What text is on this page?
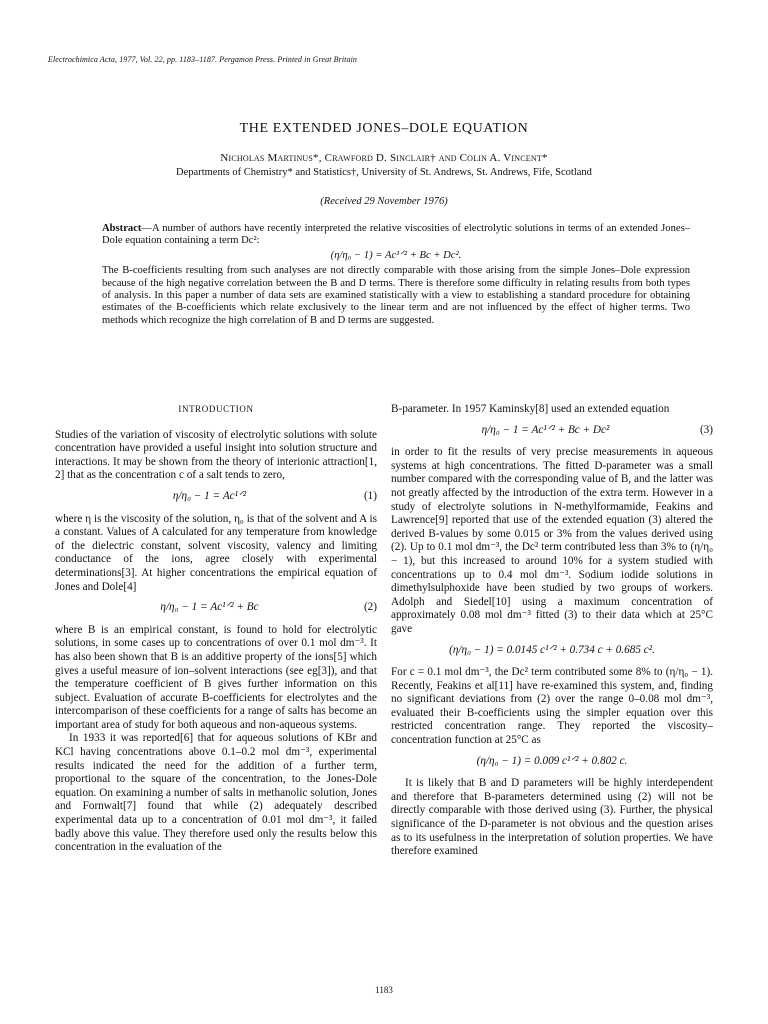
Electrochimica Acta, 1977, Vol. 22, pp. 1183–1187. Pergamon Press. Printed in Great Britain
THE EXTENDED JONES–DOLE EQUATION
Nicholas Martinus*, Crawford D. Sinclair† and Colin A. Vincent*
Departments of Chemistry* and Statistics†, University of St. Andrews, St. Andrews, Fife, Scotland
(Received 29 November 1976)

Abstract—A number of authors have recently interpreted the relative viscosities of electrolytic solutions in terms of an extended Jones–Dole equation containing a term Dc²:

(η/η₀ − 1) = Ac¹ᐟ² + Bc + Dc².

The B-coefficients resulting from such analyses are not directly comparable with those arising from the simple Jones–Dole expression because of the high negative correlation between the B and D terms. There is therefore some difficulty in relating results from both types of analysis. In this paper a number of data sets are examined statistically with a view to establishing a standard procedure for obtaining estimates of the B-coefficients which relate exclusively to the linear term and are not influenced by the effect of higher terms. Two methods which recognize the high correlation of B and D terms are suggested.

INTRODUCTION

Studies of the variation of viscosity of electrolytic solutions with solute concentration have provided a useful insight into solution structure and interactions. It may be shown from the theory of interionic attraction[1, 2] that as the concentration c of a salt tends to zero,

η/η₀ − 1 = Ac¹ᐟ²	(1)

where η is the viscosity of the solution, η₀ is that of the solvent and A is a constant. Values of A calculated for any temperature from knowledge of the dielectric constant, solvent viscosity, valency and limiting conductance of the ions, agree closely with experimental determinations[3]. At higher concentrations the empirical equation of Jones and Dole[4]

η/η₀ − 1 = Ac¹ᐟ² + Bc	(2)

where B is an empirical constant, is found to hold for electrolytic solutions, in some cases up to concentrations of over 0.1 mol dm⁻³. It has also been shown that B is an additive property of the ions[5] which gives a useful measure of ion–solvent interactions (see eg[3]), and that the temperature coefficient of B gives further information on this subject. Evaluation of accurate B-coefficients for electrolytes and the intercomparison of these coefficients for a range of salts has become an important area of study for both aqueous and non-aqueous systems.

In 1933 it was reported[6] that for aqueous solutions of KBr and KCl having concentrations above 0.1–0.2 mol dm⁻³, experimental results indicated the need for the addition of a further term, proportional to the square of the concentration, to the Jones-Dole equation. On examining a number of salts in methanolic solution, Jones and Fornwalt[7] found that while (2) adequately described experimental data up to a concentration of 0.01 mol dm⁻³, it failed badly above this value. They therefore used only the results below this concentration in the evaluation of the

B-parameter. In 1957 Kaminsky[8] used an extended equation

η/η₀ − 1 = Ac¹ᐟ² + Bc + Dc²	(3)

in order to fit the results of very precise measurements in aqueous systems at high concentrations. The fitted D-parameter was a small number compared with the corresponding value of B, and the latter was not greatly affected by the introduction of the extra term. However in a study of electrolyte solutions in N-methylformamide, Feakins and Lawrence[9] reported that use of the extended equation (3) altered the derived B-values by some 0.015 or 3% from the values derived using (2). Up to 0.1 mol dm⁻³, the Dc² term contributed less than 3% to (η/η₀ − 1), but this increased to around 10% for a system studied with concentrations up to 0.4 mol dm⁻³. Sodium iodide solutions in dimethylsulphoxide have been studied by two groups of workers. Adolph and Siedel[10] using a maximum concentration of approximately 0.08 mol dm⁻³ fitted (3) to their data which at 25°C gave

(η/η₀ − 1) = 0.0145 c¹ᐟ² + 0.734 c + 0.685 c².

For c = 0.1 mol dm⁻³, the Dc² term contributed some 8% to (η/η₀ − 1). Recently, Feakins et al[11] have re-examined this system, and, finding no significant deviations from (2) over the range 0–0.08 mol dm⁻³, evaluated their B-coefficients using the simpler equation over this restricted concentration range. They reported the viscosity–concentration function at 25°C as

(η/η₀ − 1) = 0.009 c¹ᐟ² + 0.802 c.

It is likely that B and D parameters will be highly interdependent and therefore that B-parameters determined using (2) will not be directly comparable with those derived using (3). Further, the physical significance of the D-parameter is not obvious and the question arises as to its usefulness in the interpretation of solution properties. We have therefore examined

1183
